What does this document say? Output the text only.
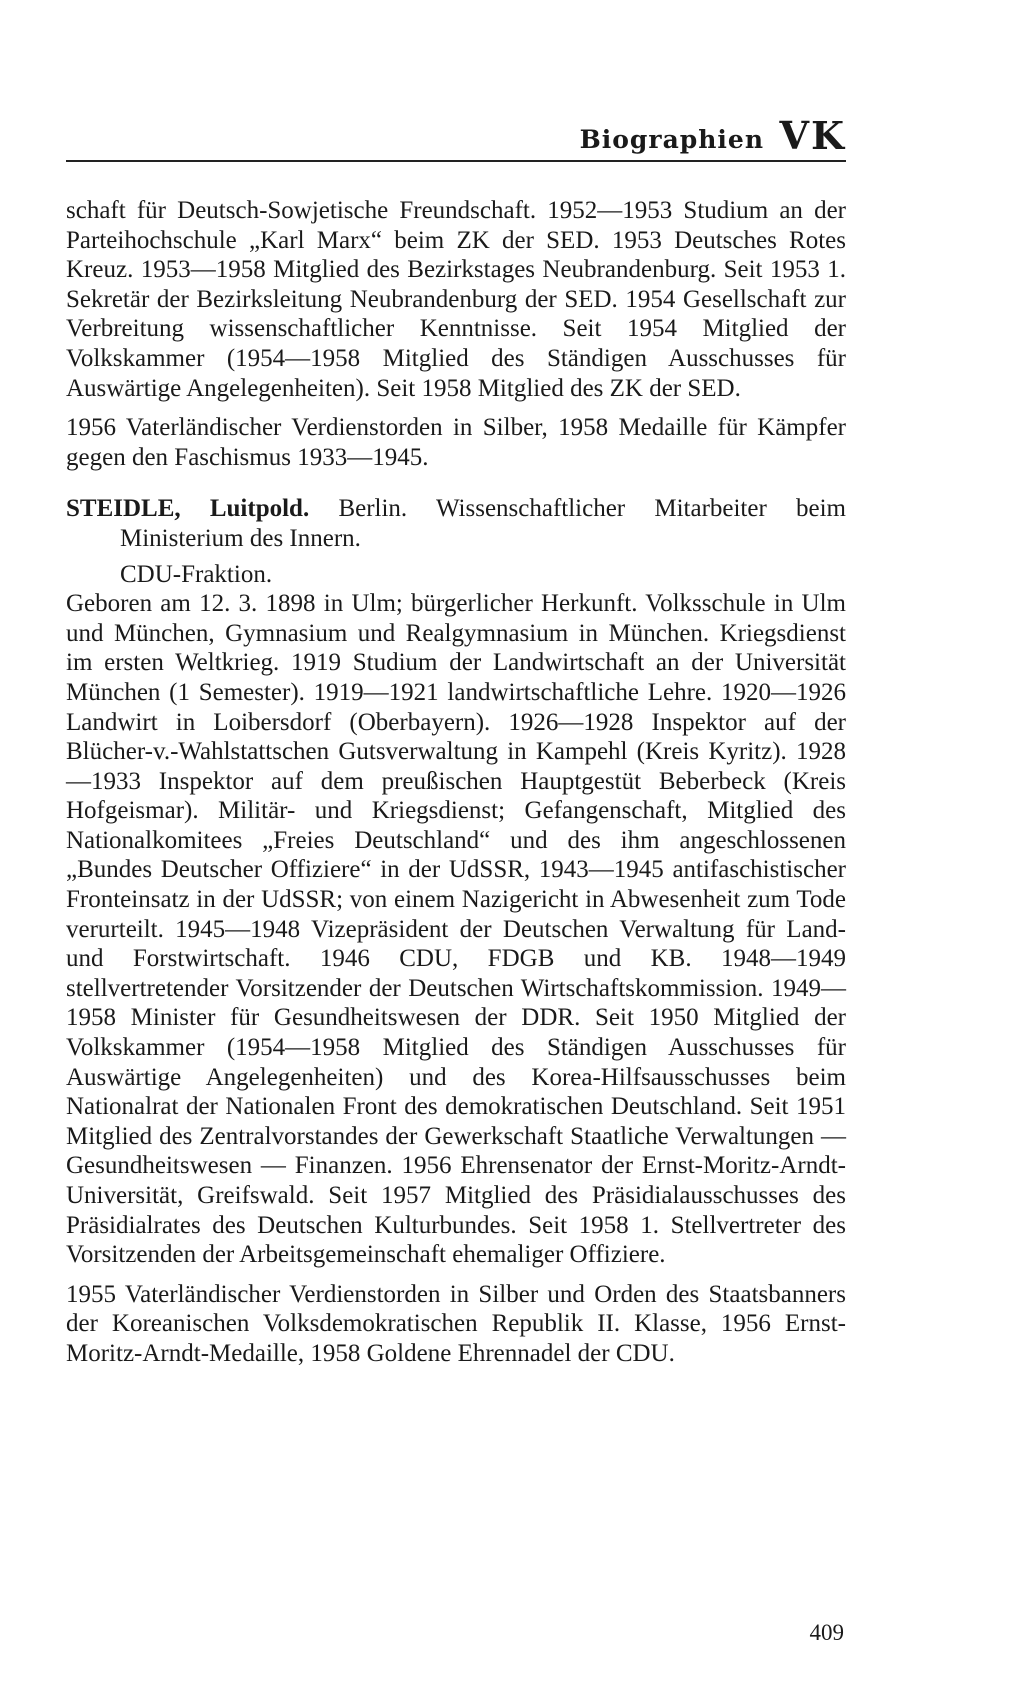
Biographien VK

schaft für Deutsch-Sowjetische Freundschaft. 1952—1953 Studium an der Parteihochschule „Karl Marx“ beim ZK der SED. 1953 Deutsches Rotes Kreuz. 1953—1958 Mitglied des Bezirkstages Neubrandenburg. Seit 1953 1. Sekretär der Bezirksleitung Neubrandenburg der SED. 1954 Gesellschaft zur Verbreitung wissenschaftlicher Kenntnisse. Seit 1954 Mitglied der Volkskammer (1954—1958 Mitglied des Ständigen Ausschusses für Auswärtige Angelegenheiten). Seit 1958 Mitglied des ZK der SED.

1956 Vaterländischer Verdienstorden in Silber, 1958 Medaille für Kämpfer gegen den Faschismus 1933—1945.

STEIDLE, Luitpold. Berlin. Wissenschaftlicher Mitarbeiter beim Ministerium des Innern.

CDU-Fraktion.

Geboren am 12. 3. 1898 in Ulm; bürgerlicher Herkunft. Volksschule in Ulm und München, Gymnasium und Realgymnasium in München. Kriegsdienst im ersten Weltkrieg. 1919 Studium der Landwirtschaft an der Universität München (1 Semester). 1919—1921 landwirtschaftliche Lehre. 1920—1926 Landwirt in Loibersdorf (Oberbayern). 1926—1928 Inspektor auf der Blücher-v.-Wahlstattschen Gutsverwaltung in Kampehl (Kreis Kyritz). 1928—1933 Inspektor auf dem preußischen Hauptgestüt Beberbeck (Kreis Hofgeismar). Militär- und Kriegsdienst; Gefangenschaft, Mitglied des Nationalkomitees „Freies Deutschland“ und des ihm angeschlossenen „Bundes Deutscher Offiziere“ in der UdSSR, 1943—1945 antifaschistischer Fronteinsatz in der UdSSR; von einem Nazigericht in Abwesenheit zum Tode verurteilt. 1945—1948 Vizepräsident der Deutschen Verwaltung für Land- und Forstwirtschaft. 1946 CDU, FDGB und KB. 1948—1949 stellvertretender Vorsitzender der Deutschen Wirtschaftskommission. 1949—1958 Minister für Gesundheitswesen der DDR. Seit 1950 Mitglied der Volkskammer (1954—1958 Mitglied des Ständigen Ausschusses für Auswärtige Angelegenheiten) und des Korea-Hilfsausschusses beim Nationalrat der Nationalen Front des demokratischen Deutschland. Seit 1951 Mitglied des Zentralvorstandes der Gewerkschaft Staatliche Verwaltungen — Gesundheitswesen — Finanzen. 1956 Ehrensenator der Ernst-Moritz-Arndt-Universität, Greifswald. Seit 1957 Mitglied des Präsidialausschusses des Präsidialrates des Deutschen Kulturbundes. Seit 1958 1. Stellvertreter des Vorsitzenden der Arbeitsgemeinschaft ehemaliger Offiziere.

1955 Vaterländischer Verdienstorden in Silber und Orden des Staatsbanners der Koreanischen Volksdemokratischen Republik II. Klasse, 1956 Ernst-Moritz-Arndt-Medaille, 1958 Goldene Ehrennadel der CDU.

409
